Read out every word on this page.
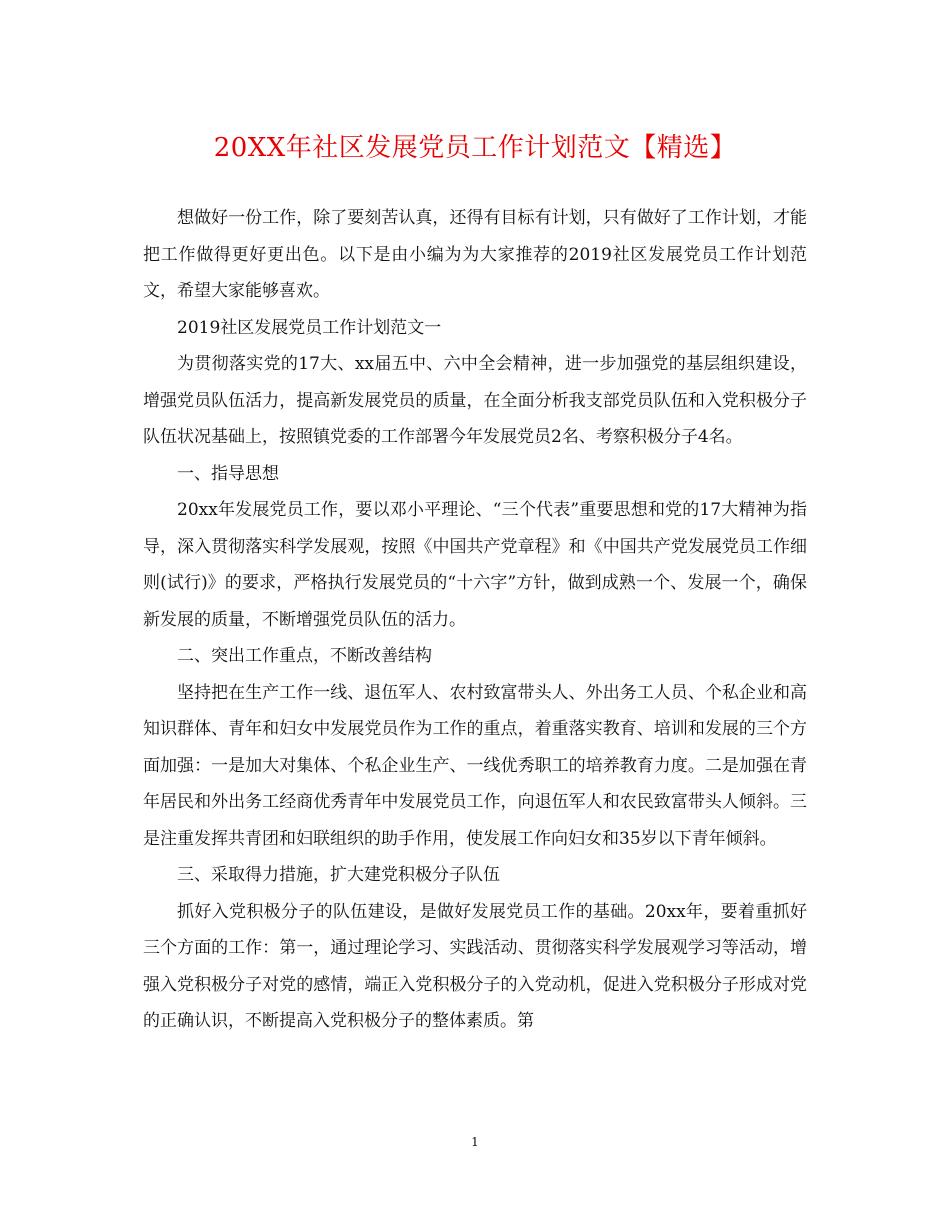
20XX年社区发展党员工作计划范文【精选】

想做好一份工作，除了要刻苦认真，还得有目标有计划，只有做好了工作计划，才能把工作做得更好更出色。以下是由小编为为大家推荐的2019社区发展党员工作计划范文，希望大家能够喜欢。

2019社区发展党员工作计划范文一

为贯彻落实党的17大、xx届五中、六中全会精神，进一步加强党的基层组织建设，增强党员队伍活力，提高新发展党员的质量，在全面分析我支部党员队伍和入党积极分子队伍状况基础上，按照镇党委的工作部署今年发展党员2名、考察积极分子4名。

一、指导思想

20xx年发展党员工作，要以邓小平理论、“三个代表”重要思想和党的17大精神为指导，深入贯彻落实科学发展观，按照《中国共产党章程》和《中国共产党发展党员工作细则(试行)》的要求，严格执行发展党员的“十六字”方针，做到成熟一个、发展一个，确保新发展的质量，不断增强党员队伍的活力。

二、突出工作重点，不断改善结构

坚持把在生产工作一线、退伍军人、农村致富带头人、外出务工人员、个私企业和高知识群体、青年和妇女中发展党员作为工作的重点，着重落实教育、培训和发展的三个方面加强：一是加大对集体、个私企业生产、一线优秀职工的培养教育力度。二是加强在青年居民和外出务工经商优秀青年中发展党员工作，向退伍军人和农民致富带头人倾斜。三是注重发挥共青团和妇联组织的助手作用，使发展工作向妇女和35岁以下青年倾斜。

三、采取得力措施，扩大建党积极分子队伍

抓好入党积极分子的队伍建设，是做好发展党员工作的基础。20xx年，要着重抓好三个方面的工作：第一，通过理论学习、实践活动、贯彻落实科学发展观学习等活动，增强入党积极分子对党的感情，端正入党积极分子的入党动机，促进入党积极分子形成对党的正确认识，不断提高入党积极分子的整体素质。第

1
